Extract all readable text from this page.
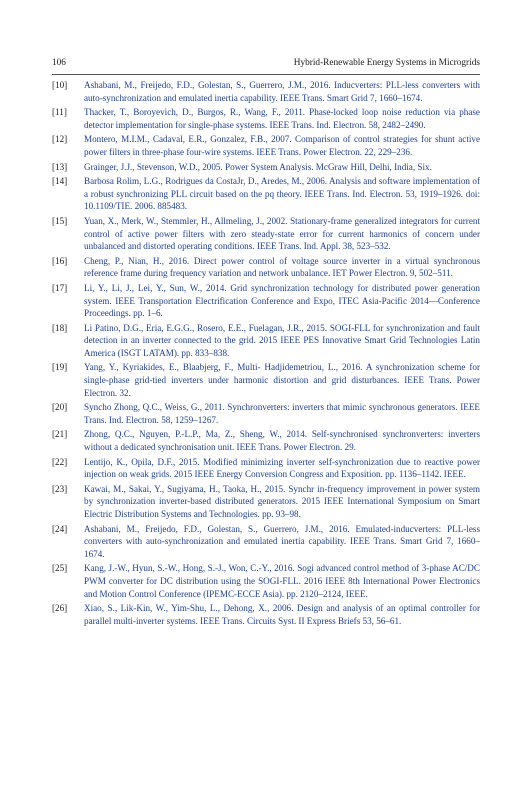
106	Hybrid-Renewable Energy Systems in Microgrids
[10] Ashabani, M., Freijedo, F.D., Golestan, S., Guerrero, J.M., 2016. Inducverters: PLL-less converters with auto-synchronization and emulated inertia capability. IEEE Trans. Smart Grid 7, 1660–1674.
[11] Thacker, T., Boroyevich, D., Burgos, R., Wang, F., 2011. Phase-locked loop noise reduction via phase detector implementation for single-phase systems. IEEE Trans. Ind. Electron. 58, 2482–2490.
[12] Montero, M.I.M., Cadaval, E.R., Gonzalez, F.B., 2007. Comparison of control strategies for shunt active power filters in three-phase four-wire systems. IEEE Trans. Power Electron. 22, 229–236.
[13] Grainger, J.J., Stevenson, W.D., 2005. Power System Analysis. McGraw Hill, Delhi, India, Six.
[14] Barbosa Rolim, L.G., Rodrigues da CostaJr, D., Aredes, M., 2006. Analysis and software implementation of a robust synchronizing PLL circuit based on the pq theory. IEEE Trans. Ind. Electron. 53, 1919–1926. doi: 10.1109/TIE. 2006. 885483.
[15] Yuan, X., Merk, W., Stemmler, H., Allmeling, J., 2002. Stationary-frame generalized integrators for current control of active power filters with zero steady-state error for current harmonics of concern under unbalanced and distorted operating conditions. IEEE Trans. Ind. Appl. 38, 523–532.
[16] Cheng, P., Nian, H., 2016. Direct power control of voltage source inverter in a virtual synchronous reference frame during frequency variation and network unbalance. IET Power Electron. 9, 502–511.
[17] Li, Y., Li, J., Lei, Y., Sun, W., 2014. Grid synchronization technology for distributed power generation system. IEEE Transportation Electrification Conference and Expo, ITEC Asia-Pacific 2014—Conference Proceedings. pp. 1–6.
[18] Li Patino, D.G., Eria, E.G.G., Rosero, E.E., Fuelagan, J.R., 2015. SOGI-FLL for synchronization and fault detection in an inverter connected to the grid. 2015 IEEE PES Innovative Smart Grid Technologies Latin America (ISGT LATAM). pp. 833–838.
[19] Yang, Y., Kyriakides, E., Blaabjerg, F., Multi- Hadjidemetriou, L., 2016. A synchronization scheme for single-phase grid-tied inverters under harmonic distortion and grid disturbances. IEEE Trans. Power Electron. 32.
[20] Syncho Zhong, Q.C., Weiss, G., 2011. Synchronverters: inverters that mimic synchronous generators. IEEE Trans. Ind. Electron. 58, 1259–1267.
[21] Zhong, Q.C., Nguyen, P.-L.P., Ma, Z., Sheng, W., 2014. Self-synchronised synchronverters: inverters without a dedicated synchronisation unit. IEEE Trans. Power Electron. 29.
[22] Lentijo, K., Opila, D.F., 2015. Modified minimizing inverter self-synchronization due to reactive power injection on weak grids. 2015 IEEE Energy Conversion Congress and Exposition. pp. 1136–1142. IEEE.
[23] Kawai, M., Sakai, Y., Sugiyama, H., Taoka, H., 2015. Synchr in-frequency improvement in power system by synchronization inverter-based distributed generators. 2015 IEEE International Symposium on Smart Electric Distribution Systems and Technologies. pp. 93–98.
[24] Ashabani, M., Freijedo, F.D., Golestan, S., Guerrero, J.M., 2016. Emulated-inducverters: PLL-less converters with auto-synchronization and emulated inertia capability. IEEE Trans. Smart Grid 7, 1660–1674.
[25] Kang, J.-W., Hyun, S.-W., Hong, S.-J., Won, C.-Y., 2016. Sogi advanced control method of 3-phase AC/DC PWM converter for DC distribution using the SOGI-FLL. 2016 IEEE 8th International Power Electronics and Motion Control Conference (IPEMC-ECCE Asia). pp. 2120–2124, IEEE.
[26] Xiao, S., Lik-Kin, W., Yim-Shu, L., Dehong, X., 2006. Design and analysis of an optimal controller for parallel multi-inverter systems. IEEE Trans. Circuits Syst. II Express Briefs 53, 56–61.
